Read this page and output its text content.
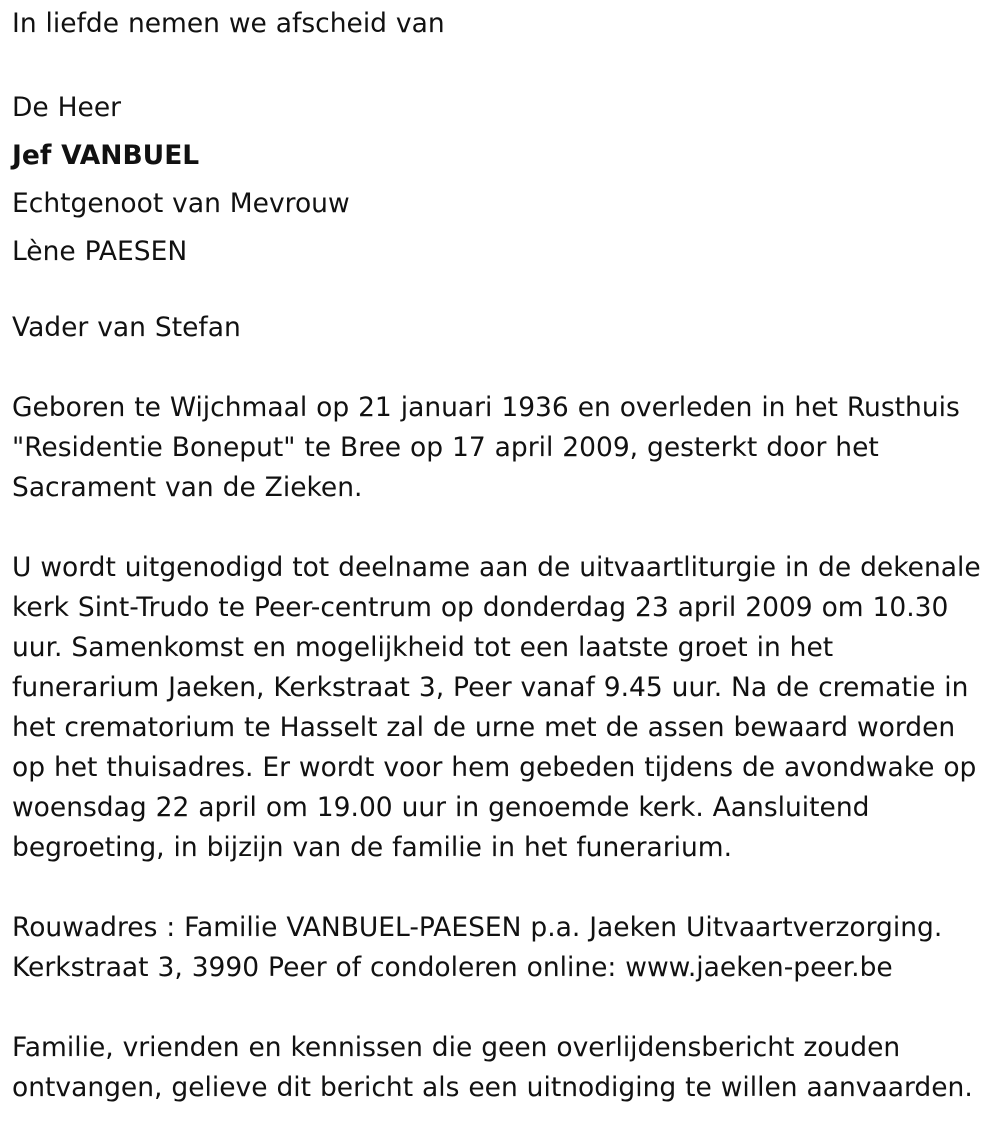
In liefde nemen we afscheid van

De Heer

Jef VANBUEL

Echtgenoot van Mevrouw

Lène PAESEN

Vader van Stefan

Geboren te Wijchmaal op 21 januari 1936 en overleden in het Rusthuis
"Residentie Boneput" te Bree op 17 april 2009, gesterkt door het
Sacrament van de Zieken.
U wordt uitgenodigd tot deelname aan de uitvaartliturgie in de dekenale
kerk Sint-Trudo te Peer-centrum op donderdag 23 april 2009 om 10.30
uur. Samenkomst en mogelijkheid tot een laatste groet in het
funerarium Jaeken, Kerkstraat 3, Peer vanaf 9.45 uur. Na de crematie in
het crematorium te Hasselt zal de urne met de assen bewaard worden
op het thuisadres. Er wordt voor hem gebeden tijdens de avondwake op
woensdag 22 april om 19.00 uur in genoemde kerk. Aansluitend
begroeting, in bijzijn van de familie in het funerarium.
Rouwadres : Familie VANBUEL-PAESEN p.a. Jaeken Uitvaartverzorging.
Kerkstraat 3, 3990 Peer of condoleren online: www.jaeken-peer.be
Familie, vrienden en kennissen die geen overlijdensbericht zouden
ontvangen, gelieve dit bericht als een uitnodiging te willen aanvaarden.
